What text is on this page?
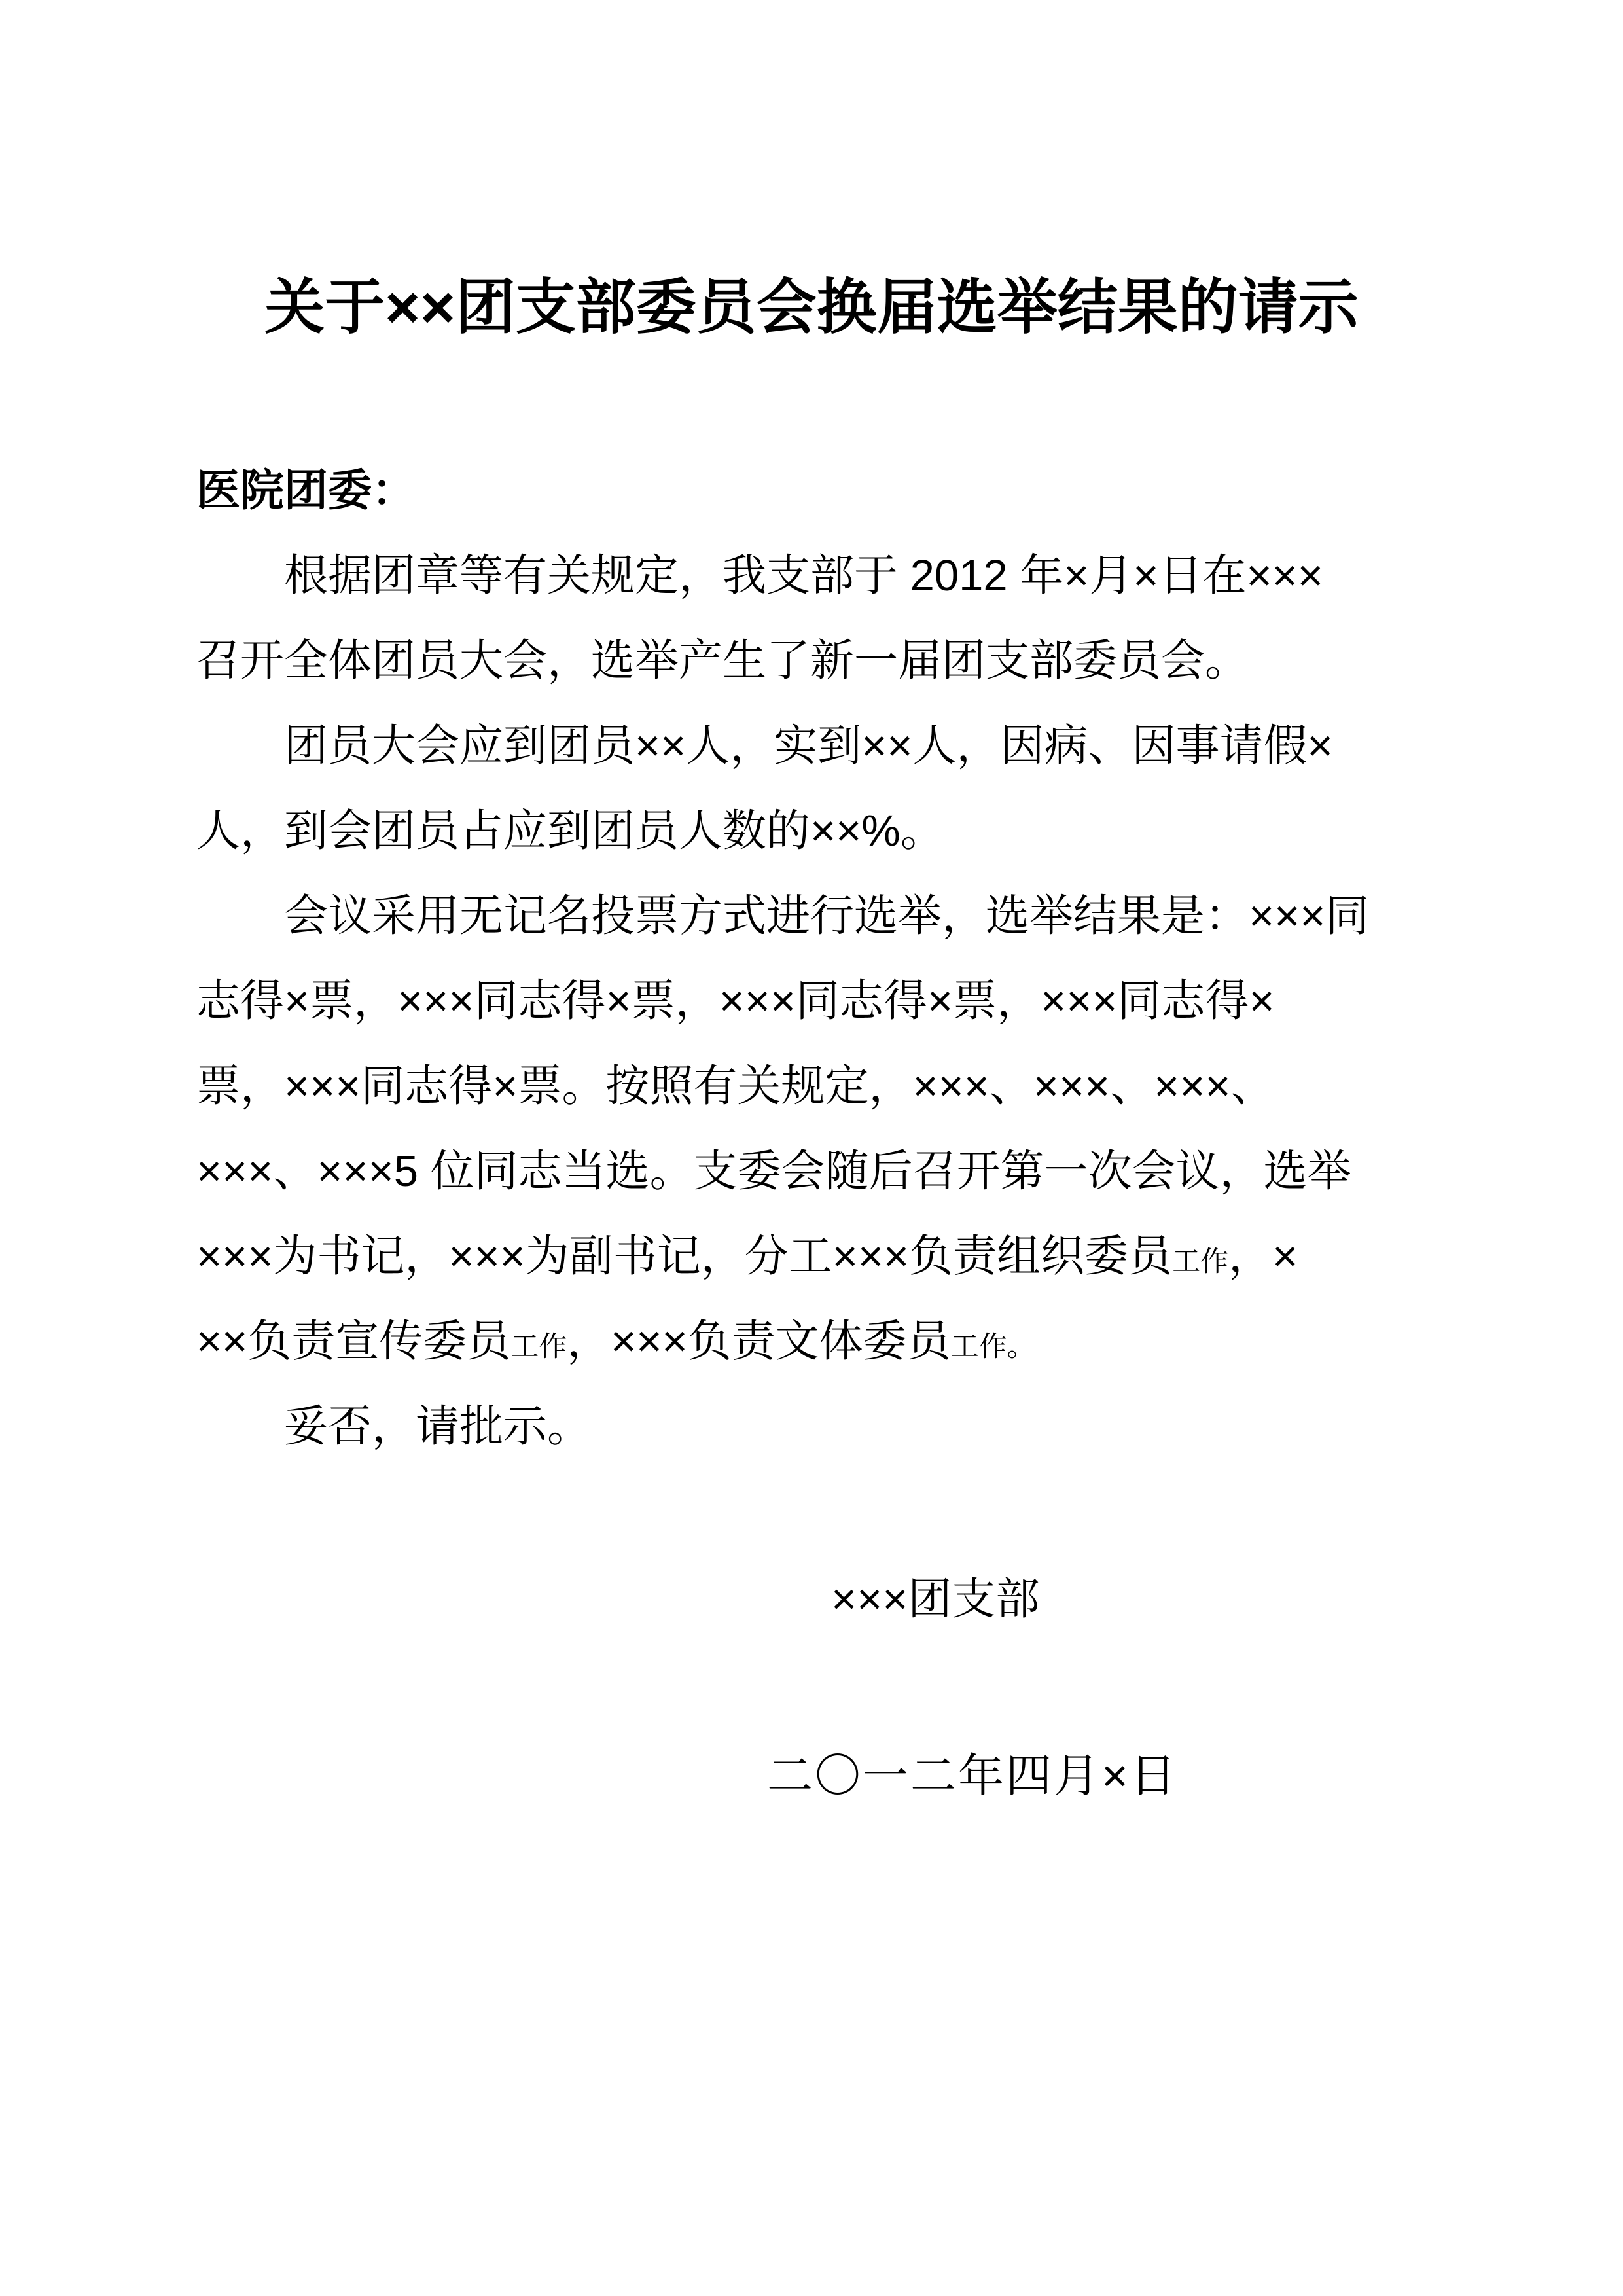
关于××团支部委员会换届选举结果的请示
医院团委：
根据团章等有关规定，我支部于 2012 年×月×日在×××
召开全体团员大会，选举产生了新一届团支部委员会。
团员大会应到团员××人，实到××人，因病、因事请假×
人，到会团员占应到团员人数的××%。
会议采用无记名投票方式进行选举，选举结果是：×××同
志得×票，×××同志得×票，×××同志得×票，×××同志得×
票，×××同志得×票。按照有关规定，×××、×××、×××、
×××、×××5 位同志当选。支委会随后召开第一次会议，选举
×××为书记，×××为副书记，分工×××负责组织委员工作，×
××负责宣传委员工作，×××负责文体委员工作。
妥否，请批示。
×××团支部
二〇一二年四月×日
